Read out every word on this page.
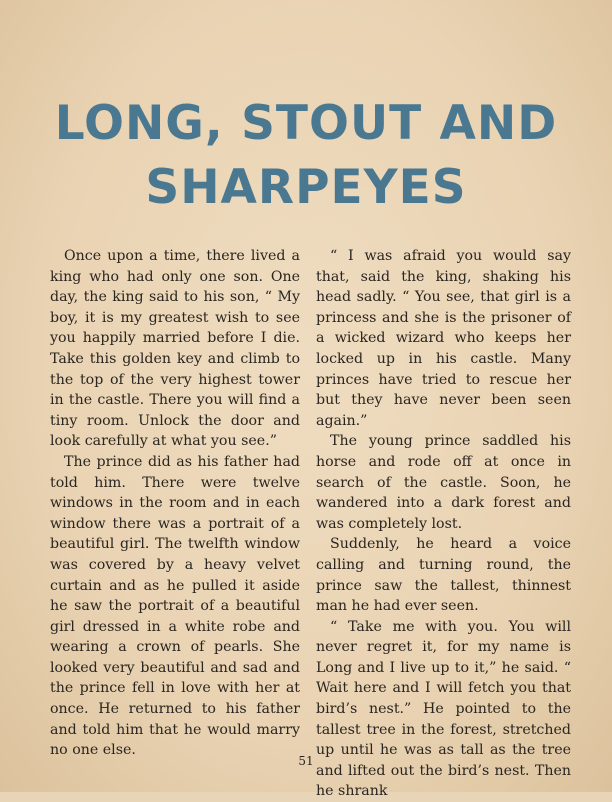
LONG, STOUT AND
SHARPEYES

Once upon a time, there lived a king who had only one son. One day, the king said to his son, “ My boy, it is my greatest wish to see you happily married before I die. Take this golden key and climb to the top of the very highest tower in the castle. There you will find a tiny room. Unlock the door and look carefully at what you see.”

The prince did as his father had told him. There were twelve windows in the room and in each window there was a portrait of a beautiful girl. The twelfth window was covered by a heavy velvet curtain and as he pulled it aside he saw the portrait of a beautiful girl dressed in a white robe and wearing a crown of pearls. She looked very beautiful and sad and the prince fell in love with her at once. He returned to his father and told him that he would marry no one else.

“ I was afraid you would say that, said the king, shaking his head sadly. “ You see, that girl is a princess and she is the prisoner of a wicked wizard who keeps her locked up in his castle. Many princes have tried to rescue her but they have never been seen again.”

The young prince saddled his horse and rode off at once in search of the castle. Soon, he wandered into a dark forest and was completely lost.

Suddenly, he heard a voice calling and turning round, the prince saw the tallest, thinnest man he had ever seen.

“ Take me with you. You will never regret it, for my name is Long and I live up to it,” he said. “ Wait here and I will fetch you that bird’s nest.” He pointed to the tallest tree in the forest, stretched up until he was as tall as the tree and lifted out the bird’s nest. Then he shrank

51
